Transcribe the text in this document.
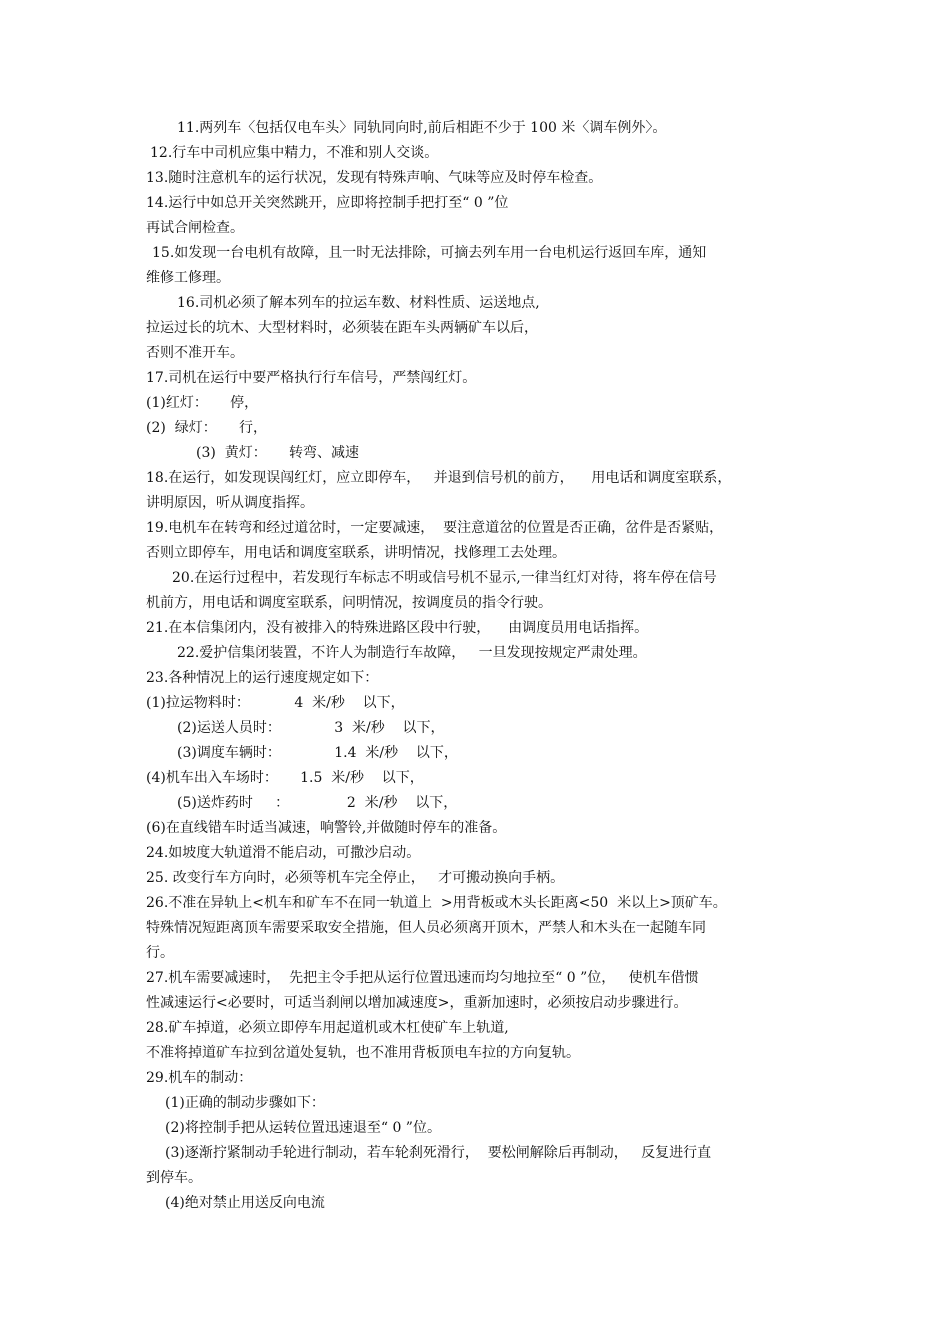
11.两列车〈包括仅电车头〉同轨同向时,前后相距不少于 100 米〈调车例外〉。
12.行车中司机应集中精力，不准和别人交谈。
13.随时注意机车的运行状况，发现有特殊声响、气味等应及时停车检查。
14.运行中如总开关突然跳开，应即将控制手把打至“ 0 ”位
再试合闸检查。
15.如发现一台电机有故障，且一时无法排除，可摘去列车用一台电机运行返回车库，通知
维修工修理。
16.司机必须了解本列车的拉运车数、材料性质、运送地点,
拉运过长的坑木、大型材料时，必须装在距车头两辆矿车以后，
否则不准开车。
17.司机在运行中要严格执行行车信号，严禁闯红灯。
(1)红灯：     停，
(2)  绿灯：     行，
(3)  黄灯：     转弯、减速
18.在运行，如发现误闯红灯，应立即停车，   并退到信号机的前方，    用电话和调度室联系，
讲明原因，听从调度指挥。
19.电机车在转弯和经过道岔时，一定要减速，  要注意道岔的位置是否正确，岔件是否紧贴，
否则立即停车，用电话和调度室联系，讲明情况，找修理工去处理。
20.在运行过程中，若发现行车标志不明或信号机不显示,一律当红灯对待，将车停在信号
机前方，用电话和调度室联系，问明情况，按调度员的指令行驶。
21.在本信集闭内，没有被排入的特殊进路区段中行驶，    由调度员用电话指挥。
22.爱护信集闭装置，不许人为制造行车故障，   一旦发现按规定严肃处理。
23.各种情况上的运行速度规定如下：
(1)拉运物料时：          4  米/秒    以下，
(2)运送人员时：            3  米/秒    以下，
(3)调度车辆时：            1.4  米/秒    以下，
(4)机车出入车场时：     1.5  米/秒    以下，
(5)送炸药时     ：             2  米/秒    以下，
(6)在直线错车时适当减速，响警铃,并做随时停车的准备。
24.如坡度大轨道滑不能启动，可撒沙启动。
25. 改变行车方向时，必须等机车完全停止，   才可搬动换向手柄。
26.不准在异轨上<机车和矿车不在同一轨道上  >用背板或木头长距离<50  米以上>顶矿车。
特殊情况短距离顶车需要采取安全措施，但人员必须离开顶木，严禁人和木头在一起随车同
行。
27.机车需要减速时，  先把主令手把从运行位置迅速而均匀地拉至“ 0 ”位，   使机车借惯
性减速运行<必要时，可适当刹闸以增加减速度>，重新加速时，必须按启动步骤进行。
28.矿车掉道，必须立即停车用起道机或木杠使矿车上轨道,
不准将掉道矿车拉到岔道处复轨，也不准用背板顶电车拉的方向复轨。
29.机车的制动：
(1)正确的制动步骤如下：
(2)将控制手把从运转位置迅速退至“ 0 ”位。
(3)逐渐拧紧制动手轮进行制动，若车轮刹死滑行，  要松闸解除后再制动，   反复进行直
到停车。
(4)绝对禁止用送反向电流
